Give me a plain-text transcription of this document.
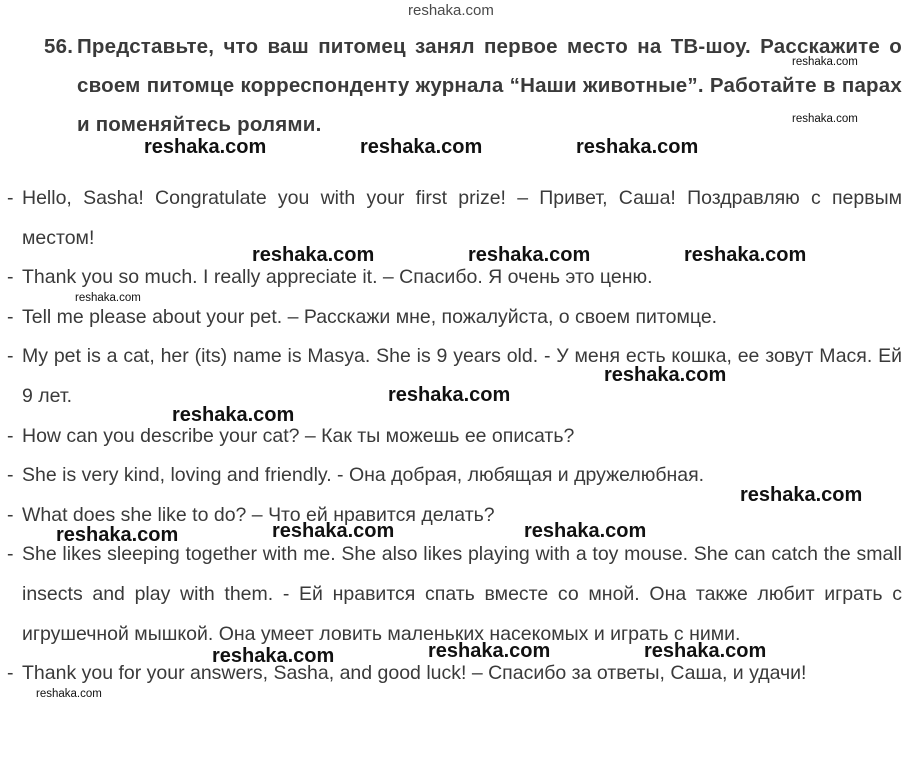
reshaka.com
56. Представьте, что ваш питомец занял первое место на ТВ-шоу. Расскажите о своем питомце корреспонденту журнала “Наши животные”. Работайте в парах и поменяйтесь ролями.
- Hello, Sasha! Congratulate you with your first prize! – Привет, Саша! Поздравляю с первым местом!
- Thank you so much. I really appreciate it. – Спасибо. Я очень это ценю.
- Tell me please about your pet. – Расскажи мне, пожалуйста, о своем питомце.
- My pet is a cat, her (its) name is Masya. She is 9 years old. - У меня есть кошка, ее зовут Мася. Ей 9 лет.
- How can you describe your cat? – Как ты можешь ее описать?
- She is very kind, loving and friendly. - Она добрая, любящая и дружелюбная.
- What does she like to do? – Что ей нравится делать?
- She likes sleeping together with me. She also likes playing with a toy mouse. She can catch the small insects and play with them. - Ей нравится спать вместе со мной. Она также любит играть с игрушечной мышкой. Она умеет ловить маленьких насекомых и играть с ними.
- Thank you for your answers, Sasha, and good luck! – Спасибо за ответы, Саша, и удачи!
reshaka.com
reshaka.com
reshaka.com	reshaka.com	reshaka.com
reshaka.com	reshaka.com	reshaka.com
reshaka.com
reshaka.com
reshaka.com
reshaka.com
reshaka.com
reshaka.com	reshaka.com
reshaka.com
reshaka.com	reshaka.com
reshaka.com
reshaka.com
